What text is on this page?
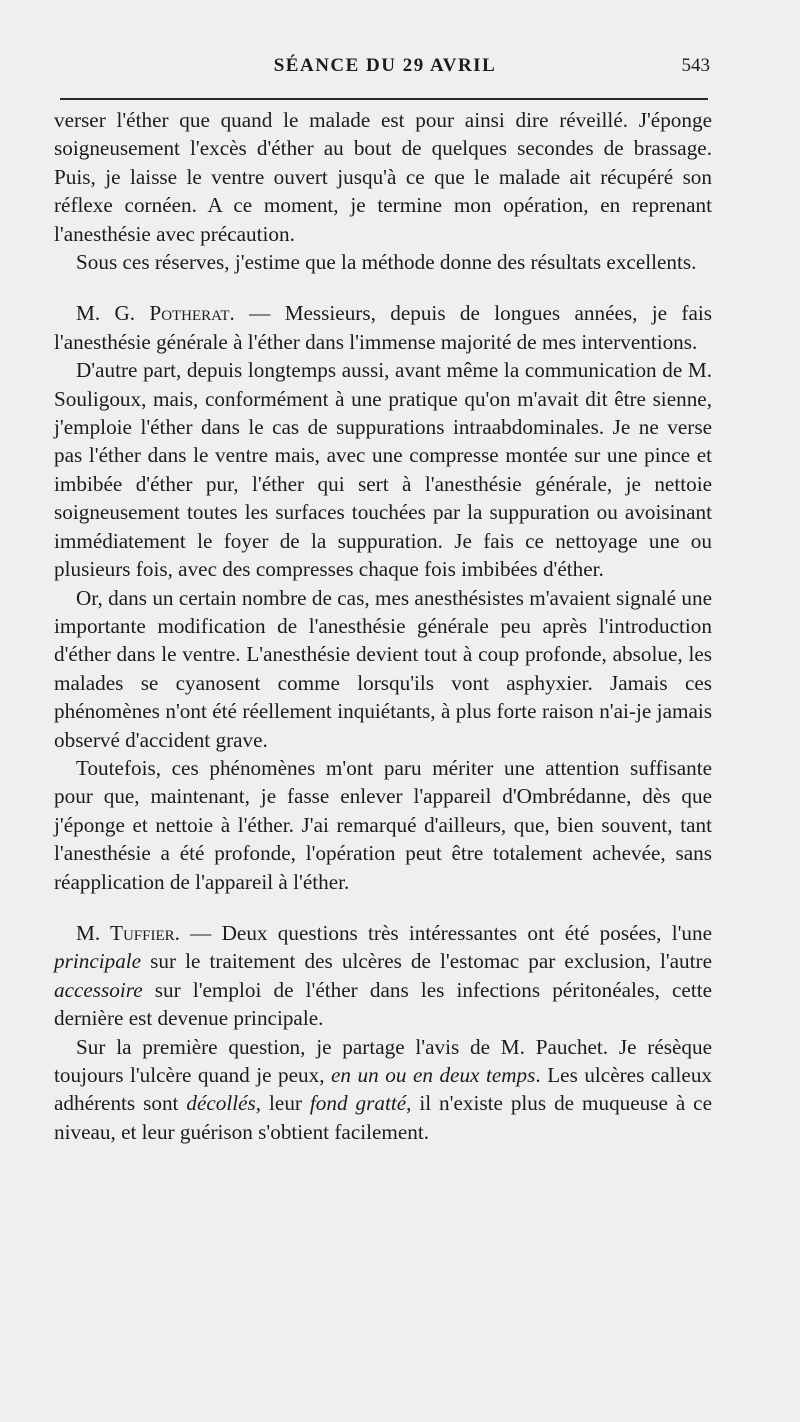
SÉANCE DU 29 AVRIL	543

verser l'éther que quand le malade est pour ainsi dire réveillé. J'éponge soigneusement l'excès d'éther au bout de quelques secondes de brassage. Puis, je laisse le ventre ouvert jusqu'à ce que le malade ait récupéré son réflexe cornéen. A ce moment, je termine mon opération, en reprenant l'anesthésie avec précaution.

Sous ces réserves, j'estime que la méthode donne des résultats excellents.

M. G. Potherat. — Messieurs, depuis de longues années, je fais l'anesthésie générale à l'éther dans l'immense majorité de mes interventions.

D'autre part, depuis longtemps aussi, avant même la communication de M. Souligoux, mais, conformément à une pratique qu'on m'avait dit être sienne, j'emploie l'éther dans le cas de suppurations intraabdominales. Je ne verse pas l'éther dans le ventre mais, avec une compresse montée sur une pince et imbibée d'éther pur, l'éther qui sert à l'anesthésie générale, je nettoie soigneusement toutes les surfaces touchées par la suppuration ou avoisinant immédiatement le foyer de la suppuration. Je fais ce nettoyage une ou plusieurs fois, avec des compresses chaque fois imbibées d'éther.

Or, dans un certain nombre de cas, mes anesthésistes m'avaient signalé une importante modification de l'anesthésie générale peu après l'introduction d'éther dans le ventre. L'anesthésie devient tout à coup profonde, absolue, les malades se cyanosent comme lorsqu'ils vont asphyxier. Jamais ces phénomènes n'ont été réellement inquiétants, à plus forte raison n'ai-je jamais observé d'accident grave.

Toutefois, ces phénomènes m'ont paru mériter une attention suffisante pour que, maintenant, je fasse enlever l'appareil d'Ombrédanne, dès que j'éponge et nettoie à l'éther. J'ai remarqué d'ailleurs, que, bien souvent, tant l'anesthésie a été profonde, l'opération peut être totalement achevée, sans réapplication de l'appareil à l'éther.

M. Tuffier. — Deux questions très intéressantes ont été posées, l'une principale sur le traitement des ulcères de l'estomac par exclusion, l'autre accessoire sur l'emploi de l'éther dans les infections péritonéales, cette dernière est devenue principale.

Sur la première question, je partage l'avis de M. Pauchet. Je résèque toujours l'ulcère quand je peux, en un ou en deux temps. Les ulcères calleux adhérents sont décollés, leur fond gratté, il n'existe plus de muqueuse à ce niveau, et leur guérison s'obtient facilement.
